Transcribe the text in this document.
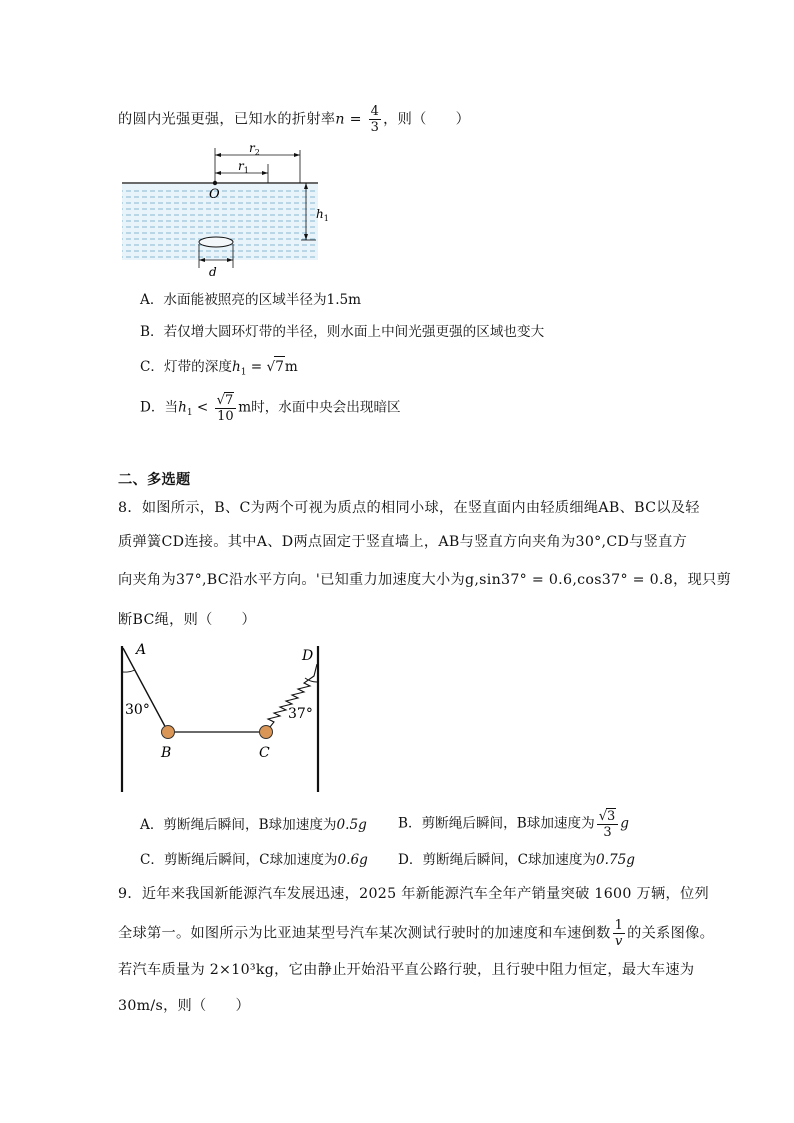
的圆内光强更强，已知水的折射率$n = \frac{4}{3}$ ，则（　　）
$r_2$
$r_1$
O
$h_1$
d
A．水面能被照亮的区域半径为1.5m
B．若仅增大圆环灯带的半径，则水面上中间光强更强的区域也变大
C．灯带的深度$h_1 = √7m$
D．当$h_1 < \frac{√7}{10}$ m时，水面中央会出现暗区
二、多选题
8．如图所示，B、C为两个可视为质点的相同小球，在竖直面内由轻质细绳AB、BC以及轻
质弹簧CD连接。其中A、D两点固定于竖直墙上，AB与竖直方向夹角为30°,CD与竖直方
向夹角为37°,BC沿水平方向。'已知重力加速度大小为g,sin37° = 0.6,cos37° = 0.8，现只剪
断BC绳，则（　　）
A
30°
D
37°
B	C
A．剪断绳后瞬间，B球加速度为0.5g B．剪断绳后瞬间，B球加速度为 $\frac{√3}{3}$ g
C．剪断绳后瞬间，C球加速度为0.6g D．剪断绳后瞬间，C球加速度为0.75g
9．近年来我国新能源汽车发展迅速，2025 年新能源汽车全年产销量突破 1600 万辆，位列
全球第一。如图所示为比亚迪某型号汽车某次测试行驶时的加速度和车速倒数 $\frac{1}{v}$ 的关系图像。
若汽车质量为 2×10³kg，它由静止开始沿平直公路行驶，且行驶中阻力恒定，最大车速为
30m/s，则（　　）
